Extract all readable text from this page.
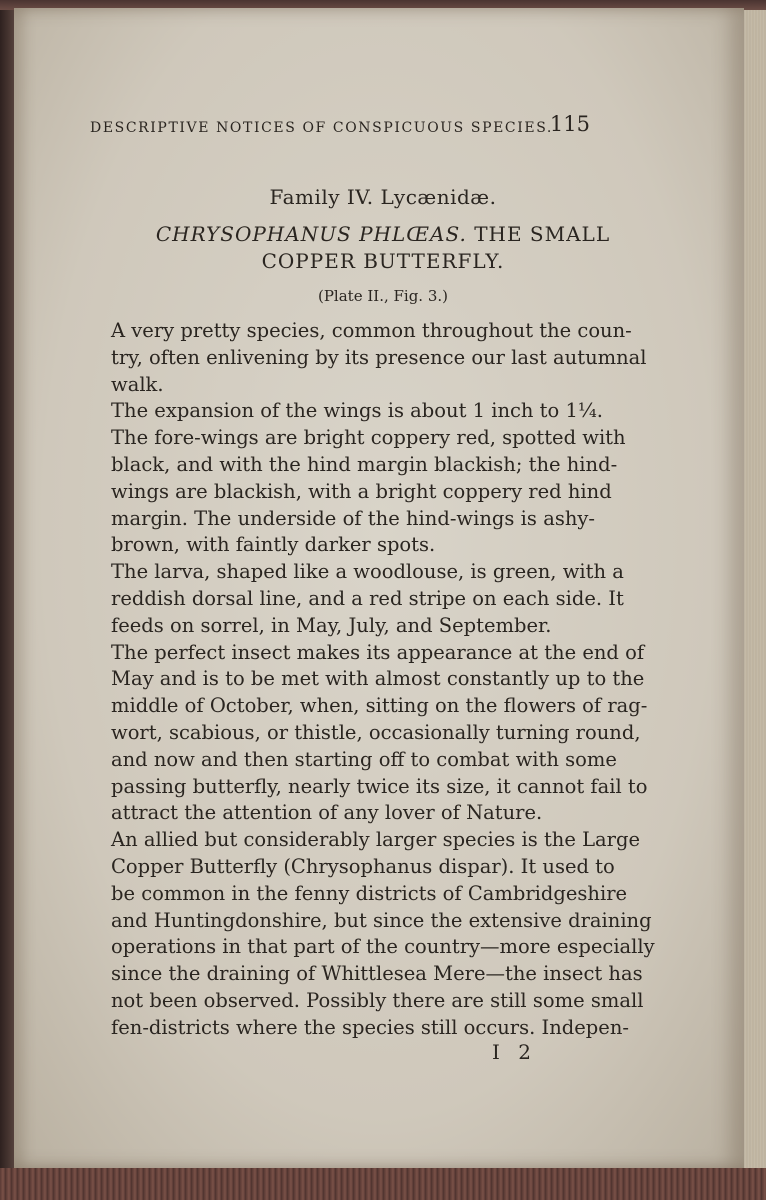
DESCRIPTIVE NOTICES OF CONSPICUOUS SPECIES.
115
Family IV. Lycænidæ.
CHRYSOPHANUS PHLŒAS. THE SMALL
COPPER BUTTERFLY.
(Plate II., Fig. 3.)

A very pretty species, common throughout the coun-
try, often enlivening by its presence our last autumnal
walk.

The expansion of the wings is about 1 inch to 1¼.
The fore-wings are bright coppery red, spotted with
black, and with the hind margin blackish; the hind-
wings are blackish, with a bright coppery red hind
margin. The underside of the hind-wings is ashy-
brown, with faintly darker spots.

The larva, shaped like a woodlouse, is green, with a
reddish dorsal line, and a red stripe on each side. It
feeds on sorrel, in May, July, and September.

The perfect insect makes its appearance at the end of
May and is to be met with almost constantly up to the
middle of October, when, sitting on the flowers of rag-
wort, scabious, or thistle, occasionally turning round,
and now and then starting off to combat with some
passing butterfly, nearly twice its size, it cannot fail to
attract the attention of any lover of Nature.

An allied but considerably larger species is the Large
Copper Butterfly (Chrysophanus dispar). It used to
be common in the fenny districts of Cambridgeshire
and Huntingdonshire, but since the extensive draining
operations in that part of the country—more especially
since the draining of Whittlesea Mere—the insect has
not been observed. Possibly there are still some small
fen-districts where the species still occurs. Indepen-

I 2
